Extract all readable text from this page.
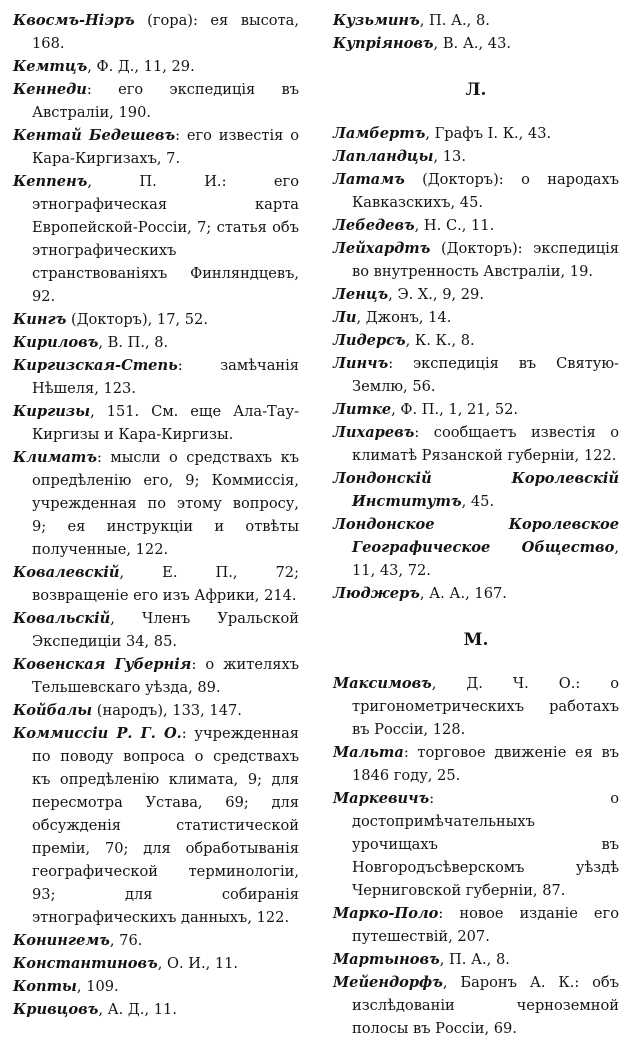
Квосмъ-Нiэръ (гора): ея высота, 168.
Кемтцъ, Ф. Д., 11, 29.
Кеннеди: его экспедицiя въ Австралiи, 190.
Кентай Бедешевъ: его известiя о Кара-Киргизахъ, 7.
Кеппенъ, П. И.: его этнографическая карта Европейской-Россiи, 7; статья объ этнографическихъ странствованiяхъ Финляндцевъ, 92.
Кингъ (Докторъ), 17, 52.
Кириловъ, В. П., 8.
Киргизская-Степь: замѣчанiя Нѣшеля, 123.
Киргизы, 151. См. еще Ала-Тау-Киргизы и Кара-Киргизы.
Климатъ: мысли о средствахъ къ опредѣленiю его, 9; Коммиссiя, учрежденная по этому вопросу, 9; ея инструкцiи и отвѣты полученные, 122.
Ковалевскiй, Е. П., 72; возвращенiе его изъ Африки, 214.
Ковальскiй, Членъ Уральской Экспедицiи 34, 85.
Ковенская Губернiя: о жителяхъ Тельшевскаго уѣзда, 89.
Койбалы (народъ), 133, 147.
Коммиссiи Р. Г. О.: учрежденная по поводу вопроса о средствахъ къ опредѣленiю климата, 9; для пересмотра Устава, 69; для обсужденiя статистической премiи, 70; для обработыванiя географической терминологiи, 93; для собиранiя этнографическихъ данныхъ, 122.
Конингемъ, 76.
Константиновъ, О. И., 11.
Копты, 109.
Кривцовъ, А. Д., 11.
Кузьминъ, П. А., 8.
Купрiяновъ, В. А., 43.
Л.
Ламбертъ, Графъ I. К., 43.
Лапландцы, 13.
Латамъ (Докторъ): о народахъ Кавказскихъ, 45.
Лебедевъ, Н. С., 11.
Лейхардтъ (Докторъ): экспедицiя во внутренность Австралiи, 19.
Ленцъ, Э. Х., 9, 29.
Ли, Джонъ, 14.
Лидерсъ, К. К., 8.
Линчъ: экспедицiя въ Святую-Землю, 56.
Литке, Ф. П., 1, 21, 52.
Лихаревъ: сообщаетъ известiя о климатѣ Рязанской губернiи, 122.
Лондонскiй Королевскiй Институтъ, 45.
Лондонское Королевское Географическое Общество, 11, 43, 72.
Люджеръ, А. А., 167.
М.
Максимовъ, Д. Ч. О.: о тригонометрическихъ работахъ въ Россiи, 128.
Мальта: торговое движенiе ея въ 1846 году, 25.
Маркевичъ: о достопримѣчательныхъ урочищахъ въ Новгородъсѣверскомъ уѣздѣ Черниговской губернiи, 87.
Марко-Поло: новое изданiе его путешествiй, 207.
Мартыновъ, П. А., 8.
Мейендорфъ, Баронъ А. К.: объ изслѣдованiи черноземной полосы въ Россiи, 69.
